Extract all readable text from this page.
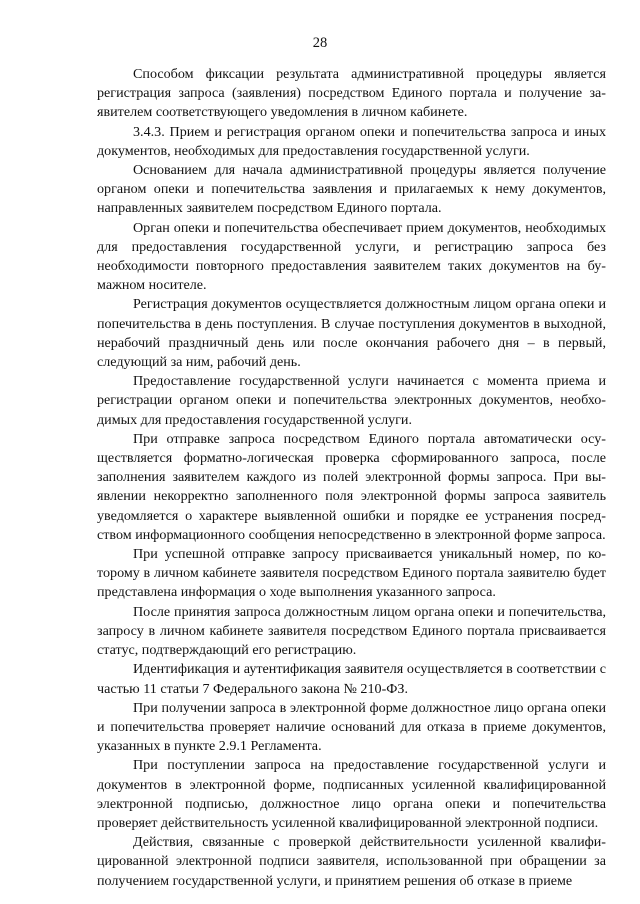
28

Способом фиксации результата административной процедуры является регистрация запроса (заявления) посредством Единого портала и получение заявителем соответствующего уведомления в личном кабинете.

3.4.3. Прием и регистрация органом опеки и попечительства запроса и иных документов, необходимых для предоставления государственной услуги.

Основанием для начала административной процедуры является получение органом опеки и попечительства заявления и прилагаемых к нему документов, направленных заявителем посредством Единого портала.

Орган опеки и попечительства обеспечивает прием документов, необходимых для предоставления государственной услуги, и регистрацию запроса без необходимости повторного предоставления заявителем таких документов на бумажном носителе.

Регистрация документов осуществляется должностным лицом органа опеки и попечительства в день поступления. В случае поступления документов в выходной, нерабочий праздничный день или после окончания рабочего дня – в первый, следующий за ним, рабочий день.

Предоставление государственной услуги начинается с момента приема и регистрации органом опеки и попечительства электронных документов, необходимых для предоставления государственной услуги.

При отправке запроса посредством Единого портала автоматически осуществляется форматно-логическая проверка сформированного запроса, после заполнения заявителем каждого из полей электронной формы запроса. При выявлении некорректно заполненного поля электронной формы запроса заявитель уведомляется о характере выявленной ошибки и порядке ее устранения посредством информационного сообщения непосредственно в электронной форме запроса.

При успешной отправке запросу присваивается уникальный номер, по которому в личном кабинете заявителя посредством Единого портала заявителю будет представлена информация о ходе выполнения указанного запроса.

После принятия запроса должностным лицом органа опеки и попечительства, запросу в личном кабинете заявителя посредством Единого портала присваивается статус, подтверждающий его регистрацию.

Идентификация и аутентификация заявителя осуществляется в соответствии с частью 11 статьи 7 Федерального закона № 210-ФЗ.

При получении запроса в электронной форме должностное лицо органа опеки и попечительства проверяет наличие оснований для отказа в приеме документов, указанных в пункте 2.9.1 Регламента.

При поступлении запроса на предоставление государственной услуги и документов в электронной форме, подписанных усиленной квалифицированной электронной подписью, должностное лицо органа опеки и попечительства проверяет действительность усиленной квалифицированной электронной подписи.

Действия, связанные с проверкой действительности усиленной квалифицированной электронной подписи заявителя, использованной при обращении за получением государственной услуги, и принятием решения об отказе в приеме
